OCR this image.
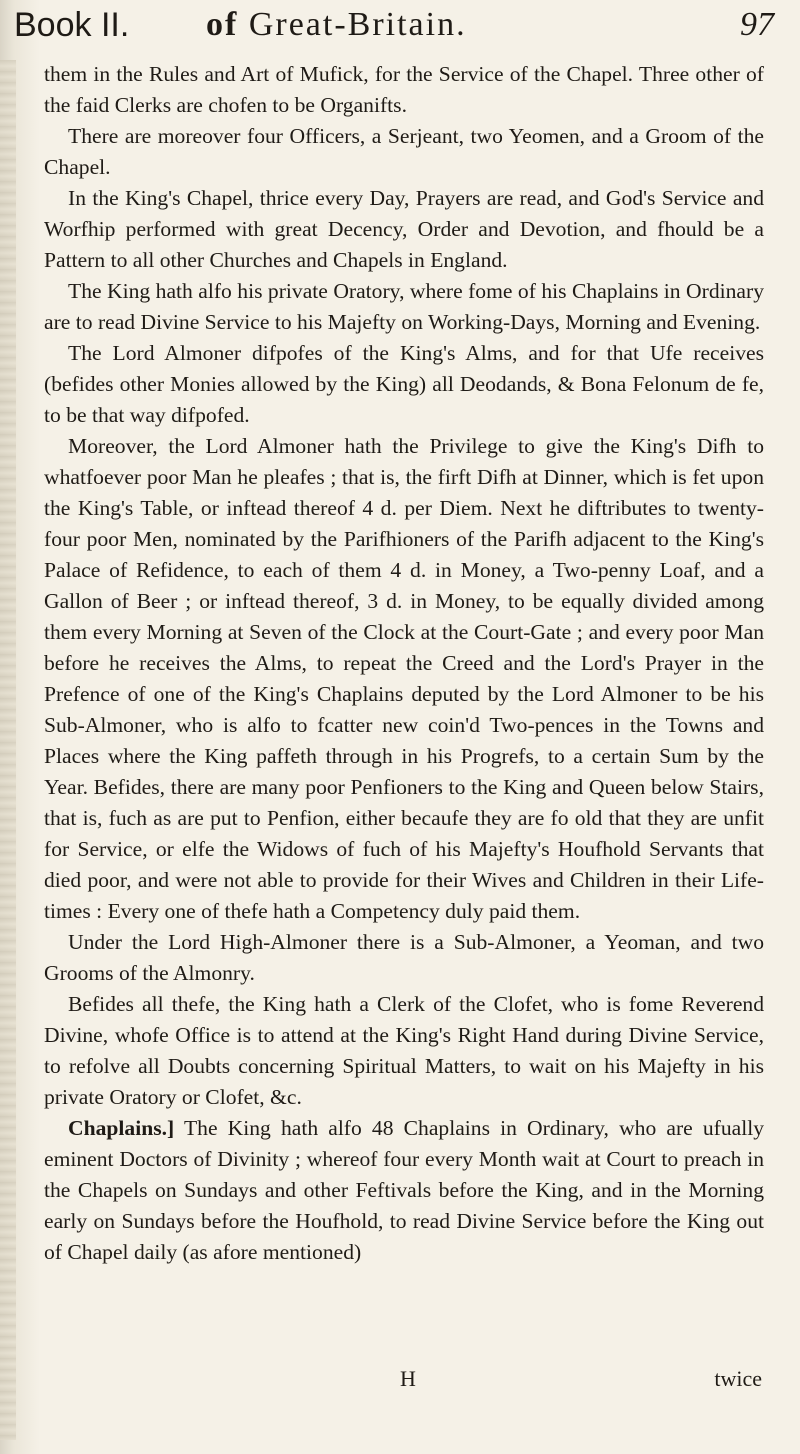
Book II. of Great-Britain.	97

them in the Rules and Art of Mufick, for the Service of the Chapel. Three other of the faid Clerks are chofen to be Organifts.

There are moreover four Officers, a Serjeant, two Yeomen, and a Groom of the Chapel.

In the King's Chapel, thrice every Day, Prayers are read, and God's Service and Worfhip performed with great Decency, Order and Devotion, and fhould be a Pattern to all other Churches and Chapels in England.

The King hath alfo his private Oratory, where fome of his Chaplains in Ordinary are to read Divine Service to his Majefty on Working-Days, Morning and Evening.

The Lord Almoner difpofes of the King's Alms, and for that Ufe receives (befides other Monies allowed by the King) all Deodands, & Bona Felonum de fe, to be that way difpofed.

Moreover, the Lord Almoner hath the Privilege to give the King's Difh to whatfoever poor Man he pleafes ; that is, the firft Difh at Dinner, which is fet upon the King's Table, or inftead thereof 4 d. per Diem. Next he diftributes to twenty-four poor Men, nominated by the Parifhioners of the Parifh adjacent to the King's Palace of Refidence, to each of them 4 d. in Money, a Two-penny Loaf, and a Gallon of Beer ; or inftead thereof, 3 d. in Money, to be equally divided among them every Morning at Seven of the Clock at the Court-Gate ; and every poor Man before he receives the Alms, to repeat the Creed and the Lord's Prayer in the Prefence of one of the King's Chaplains deputed by the Lord Almoner to be his Sub-Almoner, who is alfo to fcatter new coin'd Two-pences in the Towns and Places where the King paffeth through in his Progrefs, to a certain Sum by the Year. Befides, there are many poor Penfioners to the King and Queen below Stairs, that is, fuch as are put to Penfion, either becaufe they are fo old that they are unfit for Service, or elfe the Widows of fuch of his Majefty's Houfhold Servants that died poor, and were not able to provide for their Wives and Children in their Life-times : Every one of thefe hath a Competency duly paid them.

Under the Lord High-Almoner there is a Sub-Almoner, a Yeoman, and two Grooms of the Almonry.

Befides all thefe, the King hath a Clerk of the Clofet, who is fome Reverend Divine, whofe Office is to attend at the King's Right Hand during Divine Service, to refolve all Doubts concerning Spiritual Matters, to wait on his Majefty in his private Oratory or Clofet, &c.

Chaplains.] The King hath alfo 48 Chaplains in Ordinary, who are ufually eminent Doctors of Divinity ; whereof four every Month wait at Court to preach in the Chapels on Sundays and other Feftivals before the King, and in the Morning early on Sundays before the Houfhold, to read Divine Service before the King out of Chapel daily (as afore mentioned)

H	twice
